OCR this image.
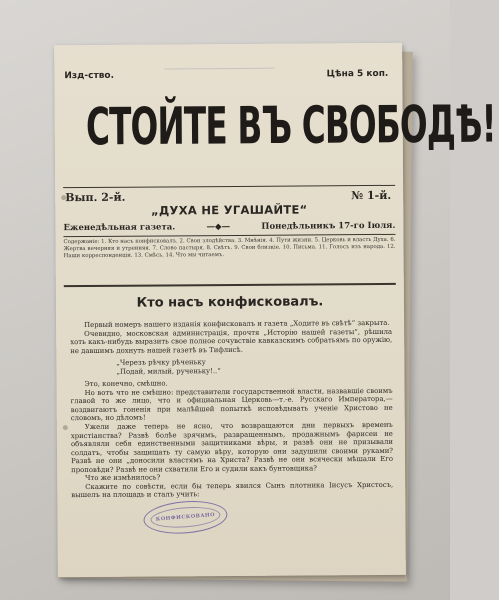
Изд-ство.	Цѣна 5 коп.
СТОЙТЕ ВЪ СВОБОДѢ!
Вып. 2-й.	№ 1-й.
„ДУХА НЕ УГАШАЙТЕ“
Еженедѣльная газета.	—◆—	Понедѣльникъ 17-го Іюля.
Содержаніе: 1. Кто насъ конфисковалъ. 2. Свои злодѣйства. 3. Мнѣнія. 4. Пути жизни. 5. Церковь и власть Духа. 6. Жертва вечерняя и утренняя. 7. Слово пастыря. 8. Свѣтъ. 9. Свои близкіе. 10. Письма. 11. Голосъ изъ народа. 12. Наши корреспонденціи. 13. Смѣсь. 14. Что мы читаемъ.
Кто насъ конфисковалъ.

Первый номеръ нашего изданія конфисковалъ и газета „Ходите въ свѣтѣ“ закрыта.

Очевидно, московская администрація, прочтя „Исторію нашей газеты“, рѣшила хоть какъ-нибудь выразить свое полное сочувствіе кавказскимъ собратьямъ по оружію, не давшимъ дохнуть нашей газетѣ въ Тифлисѣ.

„Черезъ рѣчку рѣченьку

„Подай, милый, рученьку!..“

Это, конечно, смѣшно.

Но вотъ что не смѣшно: представители государственной власти, назвавшіе своимъ главой то же лицо, что и официальная Церковь—т.-е. Русскаго Императора,—воздвигаютъ гоненія при малѣйшей попыткѣ исповѣдывать ученіе Христово не словомъ, но дѣломъ!

Ужели даже теперь не ясно, что возвращаются дни первыхъ временъ христіанства? Развѣ болѣе зрячимъ, развращеннымъ, продажнымъ фарисеи не объявляли себя единственными защитниками вѣры, и развѣ они не призывали солдатъ, чтобы защищать ту самую вѣру, которую они задушили своими руками? Развѣ не они „доносили властямъ на Христа? Развѣ не они всячески мѣшали Его проповѣди? Развѣ не они схватили Его и судили какъ бунтовщика?

Что же измѣнилось?

Скажите по совѣсти, если бы теперь явился Сынъ плотника Іисусъ Христосъ, вышелъ на площадь и сталъ учить:

КОНФИСКОВАНО
